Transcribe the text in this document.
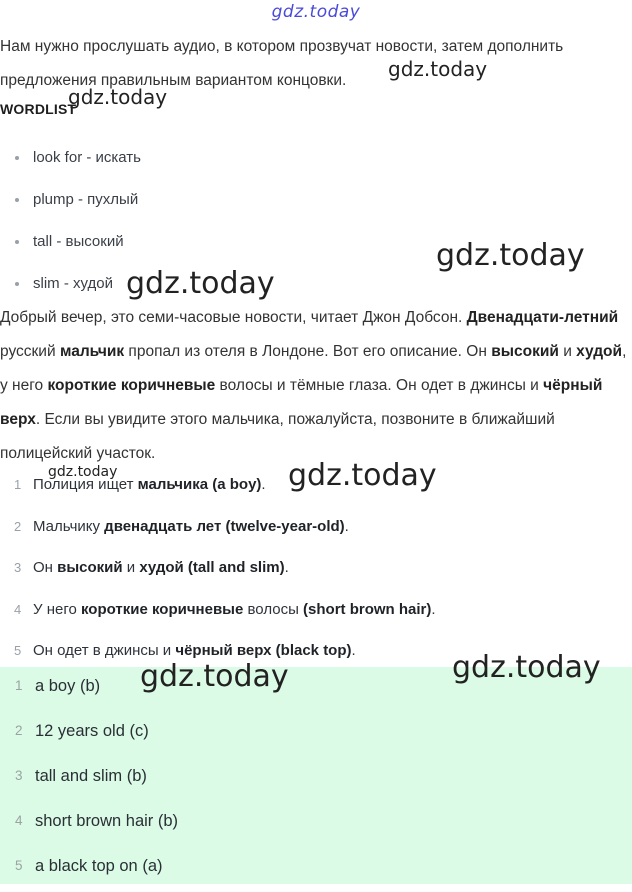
gdz.today
Нам нужно прослушать аудио, в котором прозвучат новости, затем дополнить предложения правильным вариантом концовки.
WORDLIST
look for - искать
plump - пухлый
tall - высокий
slim - худой
Добрый вечер, это семи-часовые новости, читает Джон Добсон. Двенадцати-летний русский мальчик пропал из отеля в Лондоне. Вот его описание. Он высокий и худой, у него короткие коричневые волосы и тёмные глаза. Он одет в джинсы и чёрный верх. Если вы увидите этого мальчика, пожалуйста, позвоните в ближайший полицейский участок.
1 Полиция ищет мальчика (a boy).
2 Мальчику двенадцать лет (twelve-year-old).
3 Он высокий и худой (tall and slim).
4 У него короткие коричневые волосы (short brown hair).
5 Он одет в джинсы и чёрный верх (black top).
1 a boy (b)
2 12 years old (c)
3 tall and slim (b)
4 short brown hair (b)
5 a black top on (a)
gdz.today
gdz.today
gdz.today
gdz.today
gdz.today	gdz.today
gdz.today
gdz.today
